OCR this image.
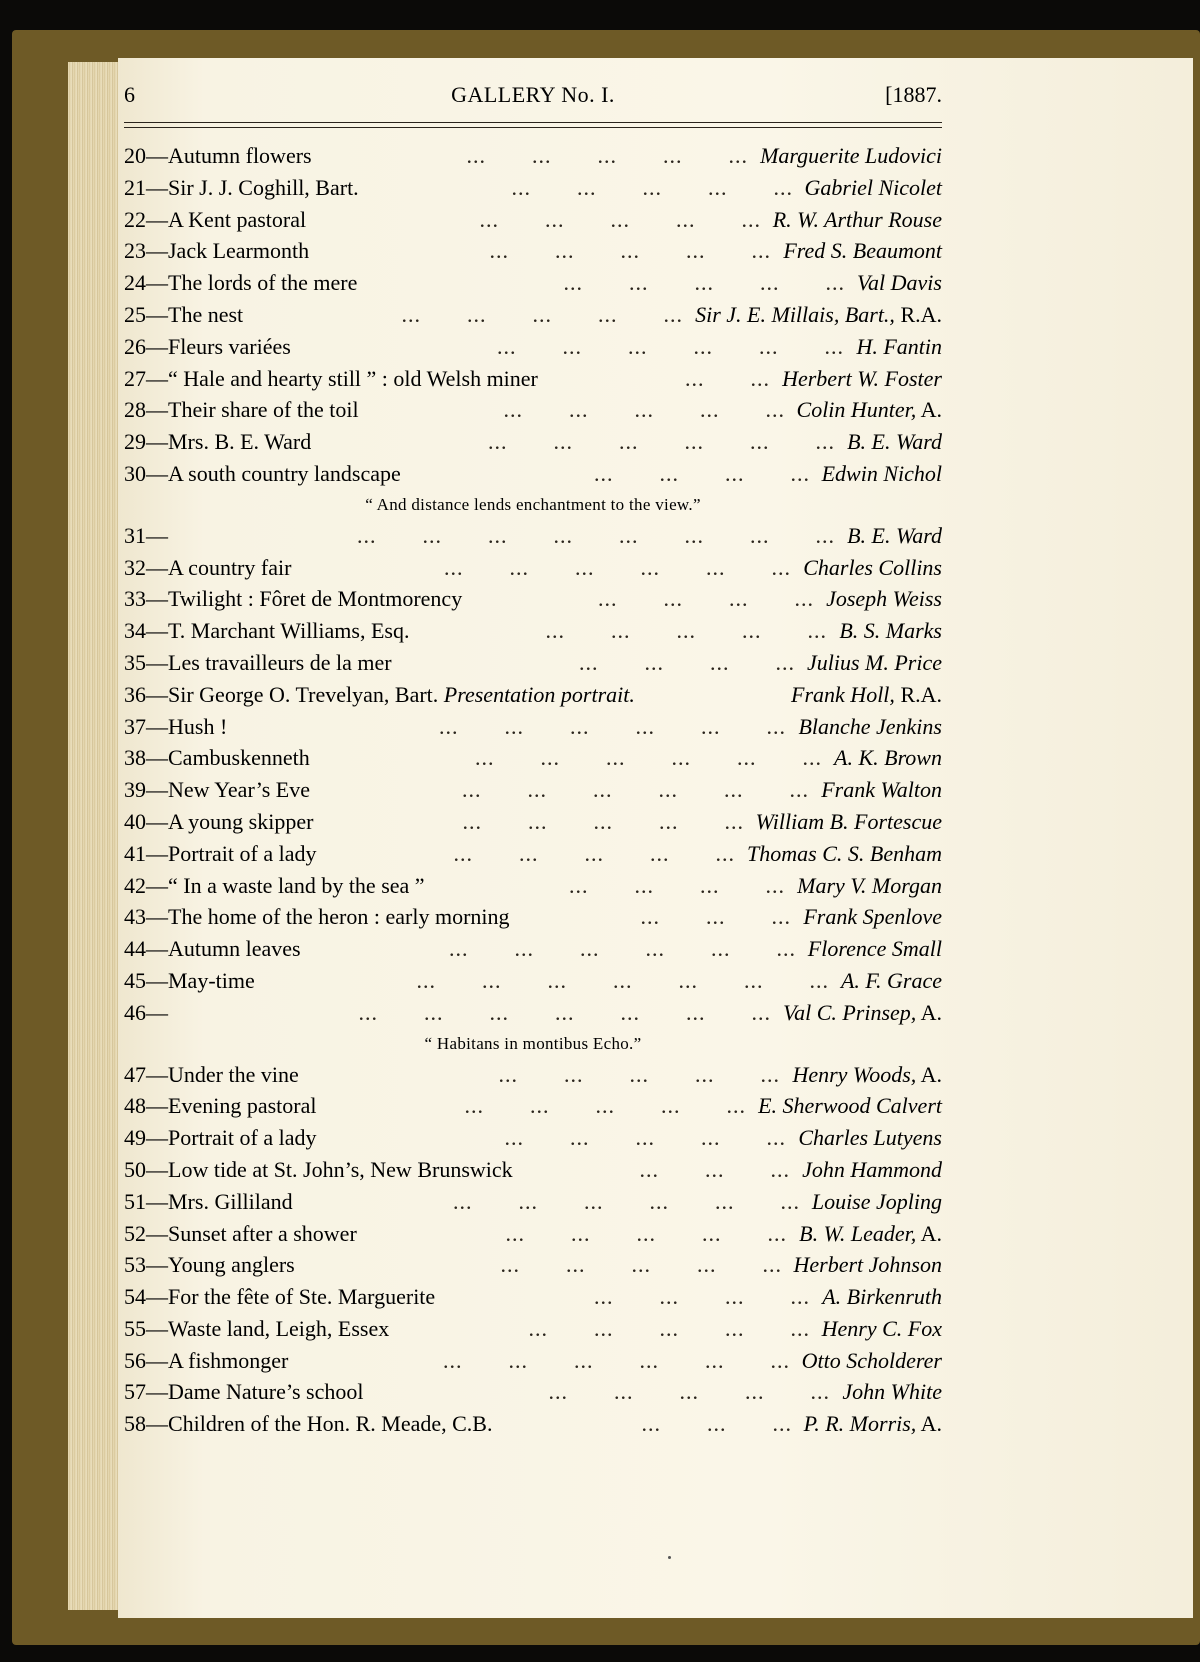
6	GALLERY No. I.	[1887.
20—Autumn flowers	Marguerite Ludovici
...  ...  ...  ...  ...
21—Sir J. J. Coghill, Bart.	Gabriel Nicolet
...  ...  ...  ...  ...
22—A Kent pastoral	R. W. Arthur Rouse
...  ...  ...  ...  ...
23—Jack Learmonth	Fred S. Beaumont
...  ...  ...  ...  ...
24—The lords of the mere	Val Davis
...  ...  ...  ...  ...
25—The nest	Sir J. E. Millais, Bart., R.A.
...  ...  ...  ...  ...
26—Fleurs variées	H. Fantin
...  ...  ...  ...  ...  ...
27—“ Hale and hearty still ” : old Welsh miner	Herbert W. Foster
...  ...
28—Their share of the toil	Colin Hunter, A.
...  ...  ...  ...  ...
29—Mrs. B. E. Ward	B. E. Ward
...  ...  ...  ...  ...  ...
30—A south country landscape	Edwin Nichol
...  ...  ...  ...
“ And distance lends enchantment to the view.”
31—	B. E. Ward
...  ...  ...  ...  ...  ...  ...  ...
32—A country fair	Charles Collins
...  ...  ...  ...  ...  ...
33—Twilight : Fôret de Montmorency	Joseph Weiss
...  ...  ...  ...
34—T. Marchant Williams, Esq.	B. S. Marks
...  ...  ...  ...  ...
35—Les travailleurs de la mer	Julius M. Price
...  ...  ...  ...
36—Sir George O. Trevelyan, Bart. Presentation portrait.	Frank Holl, R.A.
37—Hush !	Blanche Jenkins
...  ...  ...  ...  ...  ...
38—Cambuskenneth	A. K. Brown
...  ...  ...  ...  ...  ...
39—New Year’s Eve	Frank Walton
...  ...  ...  ...  ...  ...
40—A young skipper	William B. Fortescue
...  ...  ...  ...  ...
41—Portrait of a lady	Thomas C. S. Benham
...  ...  ...  ...  ...
42—“ In a waste land by the sea ”	Mary V. Morgan
...  ...  ...  ...
43—The home of the heron : early morning	Frank Spenlove
...  ...  ...
44—Autumn leaves	Florence Small
...  ...  ...  ...  ...  ...
45—May-time	A. F. Grace
...  ...  ...  ...  ...  ...  ...
46—	Val C. Prinsep, A.
...  ...  ...  ...  ...  ...  ...
“ Habitans in montibus Echo.”
47—Under the vine	Henry Woods, A.
...  ...  ...  ...  ...
48—Evening pastoral	E. Sherwood Calvert
...  ...  ...  ...  ...
49—Portrait of a lady	Charles Lutyens
...  ...  ...  ...  ...
50—Low tide at St. John’s, New Brunswick	John Hammond
...  ...  ...
51—Mrs. Gilliland	Louise Jopling
...  ...  ...  ...  ...  ...
52—Sunset after a shower	B. W. Leader, A.
...  ...  ...  ...  ...
53—Young anglers	Herbert Johnson
...  ...  ...  ...  ...
54—For the fête of Ste. Marguerite	A. Birkenruth
...  ...  ...  ...
55—Waste land, Leigh, Essex	Henry C. Fox
...  ...  ...  ...  ...
56—A fishmonger	Otto Scholderer
...  ...  ...  ...  ...  ...
57—Dame Nature’s school	John White
...  ...  ...  ...  ...
58—Children of the Hon. R. Meade, C.B.	P. R. Morris, A.
...  ...  ...
